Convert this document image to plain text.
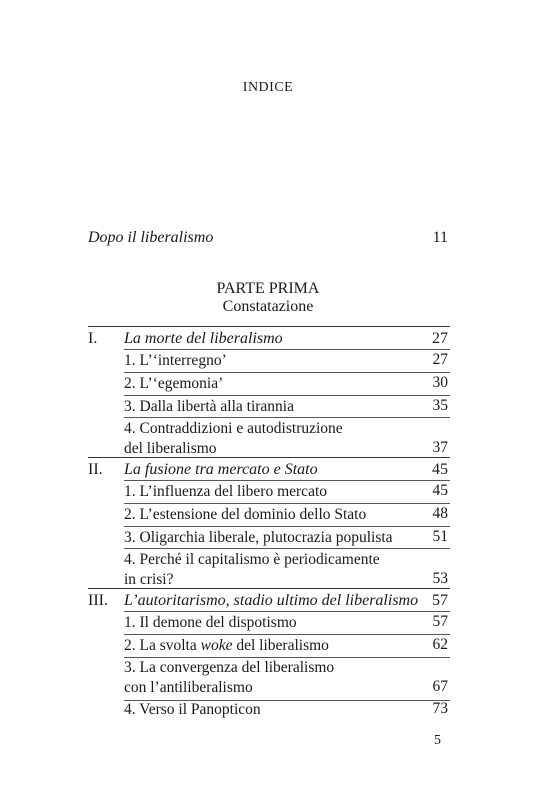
INDICE
Dopo il liberalismo	11
PARTE PRIMA
Constatazione
I. La morte del liberalismo	27
1. L’‘interregno’	27
2. L’‘egemonia’	30
3. Dalla libertà alla tirannia	35
4. Contraddizioni e autodistruzione
del liberalismo	37
II. La fusione tra mercato e Stato	45
1. L’influenza del libero mercato	45
2. L’estensione del dominio dello Stato	48
3. Oligarchia liberale, plutocrazia populista	51
4. Perché il capitalismo è periodicamente
in crisi?	53
III. L’autoritarismo, stadio ultimo del liberalismo 57
1. Il demone del dispotismo	57
2. La svolta woke del liberalismo	62
3. La convergenza del liberalismo
con l’antiliberalismo	67
4. Verso il Panopticon	73
5
